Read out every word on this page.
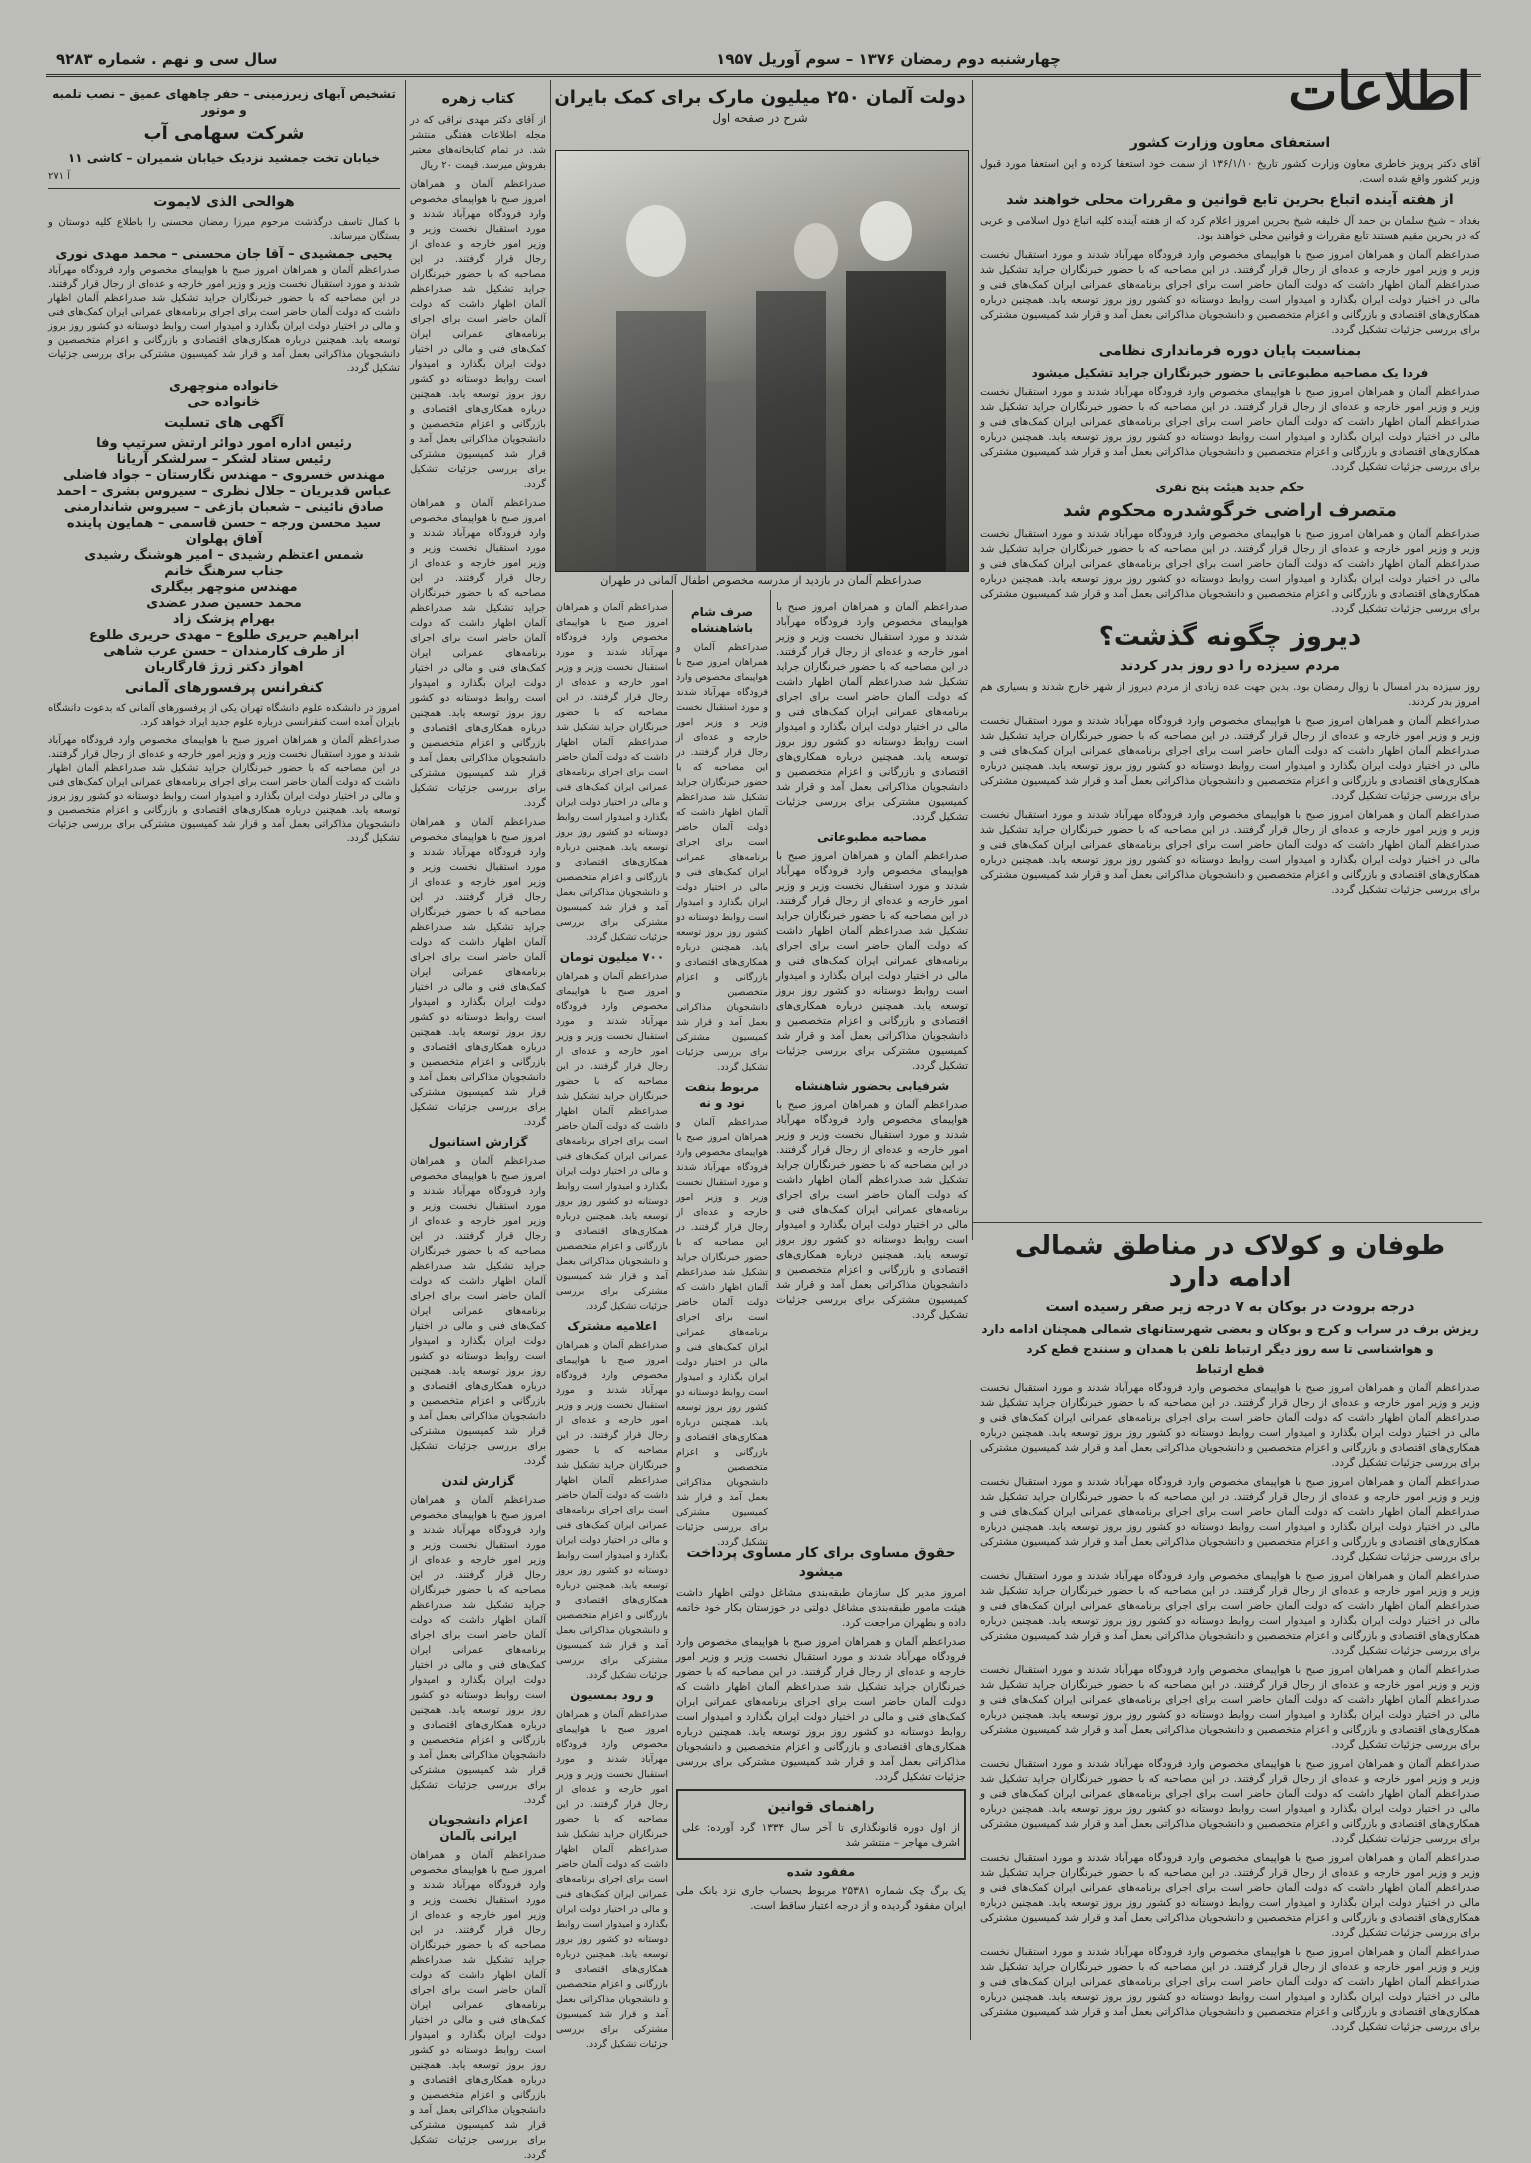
چهارشنبه دوم رمضان ۱۳۷۶ – سوم آوریل ۱۹۵۷
سال سی و نهم . شماره ۹۲۸۳
اطلاعات
دولت آلمان ۲۵۰ میلیون مارک برای کمک بایران
شرح در صفحه اول
صدراعظم آلمان در بازدید از مدرسه مخصوص اطفال آلمانی در طهران
استعفای معاون وزارت کشور

آقای دکتر پرویز خاطری معاون وزارت کشور تاریخ ۱۳۶/۱/۱۰ از سمت خود استعفا کرده و این استعفا مورد قبول وزیر کشور واقع شده است.

از هفته آینده اتباع بحرین تابع قوانین و مقررات محلی خواهند شد

بغداد – شیخ سلمان بن حمد آل خلیفه شیخ بحرین امروز اعلام کرد که از هفته آینده کلیه اتباع دول اسلامی و عربی که در بحرین مقیم هستند تابع مقررات و قوانین محلی خواهند بود.

صدراعظم آلمان و همراهان امروز صبح با هواپیمای مخصوص وارد فرودگاه مهرآباد شدند و مورد استقبال نخست وزیر و وزیر امور خارجه و عده‌ای از رجال قرار گرفتند. در این مصاحبه که با حضور خبرنگاران جراید تشکیل شد صدراعظم آلمان اظهار داشت که دولت آلمان حاضر است برای اجرای برنامه‌های عمرانی ایران کمک‌های فنی و مالی در اختیار دولت ایران بگذارد و امیدوار است روابط دوستانه دو کشور روز بروز توسعه یابد. همچنین درباره همکاری‌های اقتصادی و بازرگانی و اعزام متخصصین و دانشجویان مذاکراتی بعمل آمد و قرار شد کمیسیون مشترکی برای بررسی جزئیات تشکیل گردد.

بمناسبت پایان دوره فرمانداری نظامی
فردا یک مصاحبه مطبوعاتی با حضور خبرنگاران جراید تشکیل میشود

صدراعظم آلمان و همراهان امروز صبح با هواپیمای مخصوص وارد فرودگاه مهرآباد شدند و مورد استقبال نخست وزیر و وزیر امور خارجه و عده‌ای از رجال قرار گرفتند. در این مصاحبه که با حضور خبرنگاران جراید تشکیل شد صدراعظم آلمان اظهار داشت که دولت آلمان حاضر است برای اجرای برنامه‌های عمرانی ایران کمک‌های فنی و مالی در اختیار دولت ایران بگذارد و امیدوار است روابط دوستانه دو کشور روز بروز توسعه یابد. همچنین درباره همکاری‌های اقتصادی و بازرگانی و اعزام متخصصین و دانشجویان مذاکراتی بعمل آمد و قرار شد کمیسیون مشترکی برای بررسی جزئیات تشکیل گردد.

حکم جدید هیئت پنج نفری
متصرف اراضی خرگوشدره محکوم شد

صدراعظم آلمان و همراهان امروز صبح با هواپیمای مخصوص وارد فرودگاه مهرآباد شدند و مورد استقبال نخست وزیر و وزیر امور خارجه و عده‌ای از رجال قرار گرفتند. در این مصاحبه که با حضور خبرنگاران جراید تشکیل شد صدراعظم آلمان اظهار داشت که دولت آلمان حاضر است برای اجرای برنامه‌های عمرانی ایران کمک‌های فنی و مالی در اختیار دولت ایران بگذارد و امیدوار است روابط دوستانه دو کشور روز بروز توسعه یابد. همچنین درباره همکاری‌های اقتصادی و بازرگانی و اعزام متخصصین و دانشجویان مذاکراتی بعمل آمد و قرار شد کمیسیون مشترکی برای بررسی جزئیات تشکیل گردد.

دیروز چگونه گذشت؟
مردم سیزده را دو روز بدر کردند

روز سیزده بدر امسال با زوال رمضان بود. بدین جهت عده زیادی از مردم دیروز از شهر خارج شدند و بسیاری هم امروز بدر کردند.

صدراعظم آلمان و همراهان امروز صبح با هواپیمای مخصوص وارد فرودگاه مهرآباد شدند و مورد استقبال نخست وزیر و وزیر امور خارجه و عده‌ای از رجال قرار گرفتند. در این مصاحبه که با حضور خبرنگاران جراید تشکیل شد صدراعظم آلمان اظهار داشت که دولت آلمان حاضر است برای اجرای برنامه‌های عمرانی ایران کمک‌های فنی و مالی در اختیار دولت ایران بگذارد و امیدوار است روابط دوستانه دو کشور روز بروز توسعه یابد. همچنین درباره همکاری‌های اقتصادی و بازرگانی و اعزام متخصصین و دانشجویان مذاکراتی بعمل آمد و قرار شد کمیسیون مشترکی برای بررسی جزئیات تشکیل گردد.

صدراعظم آلمان و همراهان امروز صبح با هواپیمای مخصوص وارد فرودگاه مهرآباد شدند و مورد استقبال نخست وزیر و وزیر امور خارجه و عده‌ای از رجال قرار گرفتند. در این مصاحبه که با حضور خبرنگاران جراید تشکیل شد صدراعظم آلمان اظهار داشت که دولت آلمان حاضر است برای اجرای برنامه‌های عمرانی ایران کمک‌های فنی و مالی در اختیار دولت ایران بگذارد و امیدوار است روابط دوستانه دو کشور روز بروز توسعه یابد. همچنین درباره همکاری‌های اقتصادی و بازرگانی و اعزام متخصصین و دانشجویان مذاکراتی بعمل آمد و قرار شد کمیسیون مشترکی برای بررسی جزئیات تشکیل گردد.

طوفان و کولاک در مناطق شمالی ادامه دارد
درجه برودت در بوکان به ۷ درجه زیر صفر رسیده است
ریزش برف در سراب و کرج و بوکان و بعضی شهرستانهای شمالی همچنان ادامه دارد
و هواشناسی تا سه روز دیگر ارتباط تلفن با همدان و سنندج قطع کرد
قطع ارتباط

صدراعظم آلمان و همراهان امروز صبح با هواپیمای مخصوص وارد فرودگاه مهرآباد شدند و مورد استقبال نخست وزیر و وزیر امور خارجه و عده‌ای از رجال قرار گرفتند. در این مصاحبه که با حضور خبرنگاران جراید تشکیل شد صدراعظم آلمان اظهار داشت که دولت آلمان حاضر است برای اجرای برنامه‌های عمرانی ایران کمک‌های فنی و مالی در اختیار دولت ایران بگذارد و امیدوار است روابط دوستانه دو کشور روز بروز توسعه یابد. همچنین درباره همکاری‌های اقتصادی و بازرگانی و اعزام متخصصین و دانشجویان مذاکراتی بعمل آمد و قرار شد کمیسیون مشترکی برای بررسی جزئیات تشکیل گردد.

صدراعظم آلمان و همراهان امروز صبح با هواپیمای مخصوص وارد فرودگاه مهرآباد شدند و مورد استقبال نخست وزیر و وزیر امور خارجه و عده‌ای از رجال قرار گرفتند. در این مصاحبه که با حضور خبرنگاران جراید تشکیل شد صدراعظم آلمان اظهار داشت که دولت آلمان حاضر است برای اجرای برنامه‌های عمرانی ایران کمک‌های فنی و مالی در اختیار دولت ایران بگذارد و امیدوار است روابط دوستانه دو کشور روز بروز توسعه یابد. همچنین درباره همکاری‌های اقتصادی و بازرگانی و اعزام متخصصین و دانشجویان مذاکراتی بعمل آمد و قرار شد کمیسیون مشترکی برای بررسی جزئیات تشکیل گردد.

صدراعظم آلمان و همراهان امروز صبح با هواپیمای مخصوص وارد فرودگاه مهرآباد شدند و مورد استقبال نخست وزیر و وزیر امور خارجه و عده‌ای از رجال قرار گرفتند. در این مصاحبه که با حضور خبرنگاران جراید تشکیل شد صدراعظم آلمان اظهار داشت که دولت آلمان حاضر است برای اجرای برنامه‌های عمرانی ایران کمک‌های فنی و مالی در اختیار دولت ایران بگذارد و امیدوار است روابط دوستانه دو کشور روز بروز توسعه یابد. همچنین درباره همکاری‌های اقتصادی و بازرگانی و اعزام متخصصین و دانشجویان مذاکراتی بعمل آمد و قرار شد کمیسیون مشترکی برای بررسی جزئیات تشکیل گردد.

صدراعظم آلمان و همراهان امروز صبح با هواپیمای مخصوص وارد فرودگاه مهرآباد شدند و مورد استقبال نخست وزیر و وزیر امور خارجه و عده‌ای از رجال قرار گرفتند. در این مصاحبه که با حضور خبرنگاران جراید تشکیل شد صدراعظم آلمان اظهار داشت که دولت آلمان حاضر است برای اجرای برنامه‌های عمرانی ایران کمک‌های فنی و مالی در اختیار دولت ایران بگذارد و امیدوار است روابط دوستانه دو کشور روز بروز توسعه یابد. همچنین درباره همکاری‌های اقتصادی و بازرگانی و اعزام متخصصین و دانشجویان مذاکراتی بعمل آمد و قرار شد کمیسیون مشترکی برای بررسی جزئیات تشکیل گردد.

صدراعظم آلمان و همراهان امروز صبح با هواپیمای مخصوص وارد فرودگاه مهرآباد شدند و مورد استقبال نخست وزیر و وزیر امور خارجه و عده‌ای از رجال قرار گرفتند. در این مصاحبه که با حضور خبرنگاران جراید تشکیل شد صدراعظم آلمان اظهار داشت که دولت آلمان حاضر است برای اجرای برنامه‌های عمرانی ایران کمک‌های فنی و مالی در اختیار دولت ایران بگذارد و امیدوار است روابط دوستانه دو کشور روز بروز توسعه یابد. همچنین درباره همکاری‌های اقتصادی و بازرگانی و اعزام متخصصین و دانشجویان مذاکراتی بعمل آمد و قرار شد کمیسیون مشترکی برای بررسی جزئیات تشکیل گردد.

صدراعظم آلمان و همراهان امروز صبح با هواپیمای مخصوص وارد فرودگاه مهرآباد شدند و مورد استقبال نخست وزیر و وزیر امور خارجه و عده‌ای از رجال قرار گرفتند. در این مصاحبه که با حضور خبرنگاران جراید تشکیل شد صدراعظم آلمان اظهار داشت که دولت آلمان حاضر است برای اجرای برنامه‌های عمرانی ایران کمک‌های فنی و مالی در اختیار دولت ایران بگذارد و امیدوار است روابط دوستانه دو کشور روز بروز توسعه یابد. همچنین درباره همکاری‌های اقتصادی و بازرگانی و اعزام متخصصین و دانشجویان مذاکراتی بعمل آمد و قرار شد کمیسیون مشترکی برای بررسی جزئیات تشکیل گردد.

صدراعظم آلمان و همراهان امروز صبح با هواپیمای مخصوص وارد فرودگاه مهرآباد شدند و مورد استقبال نخست وزیر و وزیر امور خارجه و عده‌ای از رجال قرار گرفتند. در این مصاحبه که با حضور خبرنگاران جراید تشکیل شد صدراعظم آلمان اظهار داشت که دولت آلمان حاضر است برای اجرای برنامه‌های عمرانی ایران کمک‌های فنی و مالی در اختیار دولت ایران بگذارد و امیدوار است روابط دوستانه دو کشور روز بروز توسعه یابد. همچنین درباره همکاری‌های اقتصادی و بازرگانی و اعزام متخصصین و دانشجویان مذاکراتی بعمل آمد و قرار شد کمیسیون مشترکی برای بررسی جزئیات تشکیل گردد.

حقوق مساوی برای کار مساوی پرداخت میشود

امروز مدیر کل سازمان طبقه‌بندی مشاغل دولتی اظهار داشت هیئت مامور طبقه‌بندی مشاغل دولتی در خوزستان بکار خود خاتمه داده و بطهران مراجعت کرد.

صدراعظم آلمان و همراهان امروز صبح با هواپیمای مخصوص وارد فرودگاه مهرآباد شدند و مورد استقبال نخست وزیر و وزیر امور خارجه و عده‌ای از رجال قرار گرفتند. در این مصاحبه که با حضور خبرنگاران جراید تشکیل شد صدراعظم آلمان اظهار داشت که دولت آلمان حاضر است برای اجرای برنامه‌های عمرانی ایران کمک‌های فنی و مالی در اختیار دولت ایران بگذارد و امیدوار است روابط دوستانه دو کشور روز بروز توسعه یابد. همچنین درباره همکاری‌های اقتصادی و بازرگانی و اعزام متخصصین و دانشجویان مذاکراتی بعمل آمد و قرار شد کمیسیون مشترکی برای بررسی جزئیات تشکیل گردد.

راهنمای قوانین

از اول دوره قانونگذاری تا آخر سال ۱۳۳۴ گرد آورده: علی اشرف مهاجر – منتشر شد

مفقود شده

یک برگ چک شماره ۲۵۳۸۱ مربوط بحساب جاری نزد بانک ملی ایران مفقود گردیده و از درجه اعتبار ساقط است.

صدراعظم آلمان و همراهان امروز صبح با هواپیمای مخصوص وارد فرودگاه مهرآباد شدند و مورد استقبال نخست وزیر و وزیر امور خارجه و عده‌ای از رجال قرار گرفتند. در این مصاحبه که با حضور خبرنگاران جراید تشکیل شد صدراعظم آلمان اظهار داشت که دولت آلمان حاضر است برای اجرای برنامه‌های عمرانی ایران کمک‌های فنی و مالی در اختیار دولت ایران بگذارد و امیدوار است روابط دوستانه دو کشور روز بروز توسعه یابد. همچنین درباره همکاری‌های اقتصادی و بازرگانی و اعزام متخصصین و دانشجویان مذاکراتی بعمل آمد و قرار شد کمیسیون مشترکی برای بررسی جزئیات تشکیل گردد.

مصاحبه مطبوعاتی

صدراعظم آلمان و همراهان امروز صبح با هواپیمای مخصوص وارد فرودگاه مهرآباد شدند و مورد استقبال نخست وزیر و وزیر امور خارجه و عده‌ای از رجال قرار گرفتند. در این مصاحبه که با حضور خبرنگاران جراید تشکیل شد صدراعظم آلمان اظهار داشت که دولت آلمان حاضر است برای اجرای برنامه‌های عمرانی ایران کمک‌های فنی و مالی در اختیار دولت ایران بگذارد و امیدوار است روابط دوستانه دو کشور روز بروز توسعه یابد. همچنین درباره همکاری‌های اقتصادی و بازرگانی و اعزام متخصصین و دانشجویان مذاکراتی بعمل آمد و قرار شد کمیسیون مشترکی برای بررسی جزئیات تشکیل گردد.

شرفیابی بحضور شاهنشاه

صدراعظم آلمان و همراهان امروز صبح با هواپیمای مخصوص وارد فرودگاه مهرآباد شدند و مورد استقبال نخست وزیر و وزیر امور خارجه و عده‌ای از رجال قرار گرفتند. در این مصاحبه که با حضور خبرنگاران جراید تشکیل شد صدراعظم آلمان اظهار داشت که دولت آلمان حاضر است برای اجرای برنامه‌های عمرانی ایران کمک‌های فنی و مالی در اختیار دولت ایران بگذارد و امیدوار است روابط دوستانه دو کشور روز بروز توسعه یابد. همچنین درباره همکاری‌های اقتصادی و بازرگانی و اعزام متخصصین و دانشجویان مذاکراتی بعمل آمد و قرار شد کمیسیون مشترکی برای بررسی جزئیات تشکیل گردد.

صرف شام باشاهنشاه

صدراعظم آلمان و همراهان امروز صبح با هواپیمای مخصوص وارد فرودگاه مهرآباد شدند و مورد استقبال نخست وزیر و وزیر امور خارجه و عده‌ای از رجال قرار گرفتند. در این مصاحبه که با حضور خبرنگاران جراید تشکیل شد صدراعظم آلمان اظهار داشت که دولت آلمان حاضر است برای اجرای برنامه‌های عمرانی ایران کمک‌های فنی و مالی در اختیار دولت ایران بگذارد و امیدوار است روابط دوستانه دو کشور روز بروز توسعه یابد. همچنین درباره همکاری‌های اقتصادی و بازرگانی و اعزام متخصصین و دانشجویان مذاکراتی بعمل آمد و قرار شد کمیسیون مشترکی برای بررسی جزئیات تشکیل گردد.

مربوط بنفت نود و نه

صدراعظم آلمان و همراهان امروز صبح با هواپیمای مخصوص وارد فرودگاه مهرآباد شدند و مورد استقبال نخست وزیر و وزیر امور خارجه و عده‌ای از رجال قرار گرفتند. در این مصاحبه که با حضور خبرنگاران جراید تشکیل شد صدراعظم آلمان اظهار داشت که دولت آلمان حاضر است برای اجرای برنامه‌های عمرانی ایران کمک‌های فنی و مالی در اختیار دولت ایران بگذارد و امیدوار است روابط دوستانه دو کشور روز بروز توسعه یابد. همچنین درباره همکاری‌های اقتصادی و بازرگانی و اعزام متخصصین و دانشجویان مذاکراتی بعمل آمد و قرار شد کمیسیون مشترکی برای بررسی جزئیات تشکیل گردد.

صدراعظم آلمان و همراهان امروز صبح با هواپیمای مخصوص وارد فرودگاه مهرآباد شدند و مورد استقبال نخست وزیر و وزیر امور خارجه و عده‌ای از رجال قرار گرفتند. در این مصاحبه که با حضور خبرنگاران جراید تشکیل شد صدراعظم آلمان اظهار داشت که دولت آلمان حاضر است برای اجرای برنامه‌های عمرانی ایران کمک‌های فنی و مالی در اختیار دولت ایران بگذارد و امیدوار است روابط دوستانه دو کشور روز بروز توسعه یابد. همچنین درباره همکاری‌های اقتصادی و بازرگانی و اعزام متخصصین و دانشجویان مذاکراتی بعمل آمد و قرار شد کمیسیون مشترکی برای بررسی جزئیات تشکیل گردد.

۷۰۰ میلیون تومان

صدراعظم آلمان و همراهان امروز صبح با هواپیمای مخصوص وارد فرودگاه مهرآباد شدند و مورد استقبال نخست وزیر و وزیر امور خارجه و عده‌ای از رجال قرار گرفتند. در این مصاحبه که با حضور خبرنگاران جراید تشکیل شد صدراعظم آلمان اظهار داشت که دولت آلمان حاضر است برای اجرای برنامه‌های عمرانی ایران کمک‌های فنی و مالی در اختیار دولت ایران بگذارد و امیدوار است روابط دوستانه دو کشور روز بروز توسعه یابد. همچنین درباره همکاری‌های اقتصادی و بازرگانی و اعزام متخصصین و دانشجویان مذاکراتی بعمل آمد و قرار شد کمیسیون مشترکی برای بررسی جزئیات تشکیل گردد.

اعلامیه مشترک

صدراعظم آلمان و همراهان امروز صبح با هواپیمای مخصوص وارد فرودگاه مهرآباد شدند و مورد استقبال نخست وزیر و وزیر امور خارجه و عده‌ای از رجال قرار گرفتند. در این مصاحبه که با حضور خبرنگاران جراید تشکیل شد صدراعظم آلمان اظهار داشت که دولت آلمان حاضر است برای اجرای برنامه‌های عمرانی ایران کمک‌های فنی و مالی در اختیار دولت ایران بگذارد و امیدوار است روابط دوستانه دو کشور روز بروز توسعه یابد. همچنین درباره همکاری‌های اقتصادی و بازرگانی و اعزام متخصصین و دانشجویان مذاکراتی بعمل آمد و قرار شد کمیسیون مشترکی برای بررسی جزئیات تشکیل گردد.

و رود بمسیون

صدراعظم آلمان و همراهان امروز صبح با هواپیمای مخصوص وارد فرودگاه مهرآباد شدند و مورد استقبال نخست وزیر و وزیر امور خارجه و عده‌ای از رجال قرار گرفتند. در این مصاحبه که با حضور خبرنگاران جراید تشکیل شد صدراعظم آلمان اظهار داشت که دولت آلمان حاضر است برای اجرای برنامه‌های عمرانی ایران کمک‌های فنی و مالی در اختیار دولت ایران بگذارد و امیدوار است روابط دوستانه دو کشور روز بروز توسعه یابد. همچنین درباره همکاری‌های اقتصادی و بازرگانی و اعزام متخصصین و دانشجویان مذاکراتی بعمل آمد و قرار شد کمیسیون مشترکی برای بررسی جزئیات تشکیل گردد.

کتاب زهره

از آقای دکتر مهدی نراقی که در مجله اطلاعات هفتگی منتشر شد. در تمام کتابخانه‌های معتبر بفروش میرسد. قیمت ۲۰ ریال

صدراعظم آلمان و همراهان امروز صبح با هواپیمای مخصوص وارد فرودگاه مهرآباد شدند و مورد استقبال نخست وزیر و وزیر امور خارجه و عده‌ای از رجال قرار گرفتند. در این مصاحبه که با حضور خبرنگاران جراید تشکیل شد صدراعظم آلمان اظهار داشت که دولت آلمان حاضر است برای اجرای برنامه‌های عمرانی ایران کمک‌های فنی و مالی در اختیار دولت ایران بگذارد و امیدوار است روابط دوستانه دو کشور روز بروز توسعه یابد. همچنین درباره همکاری‌های اقتصادی و بازرگانی و اعزام متخصصین و دانشجویان مذاکراتی بعمل آمد و قرار شد کمیسیون مشترکی برای بررسی جزئیات تشکیل گردد.

صدراعظم آلمان و همراهان امروز صبح با هواپیمای مخصوص وارد فرودگاه مهرآباد شدند و مورد استقبال نخست وزیر و وزیر امور خارجه و عده‌ای از رجال قرار گرفتند. در این مصاحبه که با حضور خبرنگاران جراید تشکیل شد صدراعظم آلمان اظهار داشت که دولت آلمان حاضر است برای اجرای برنامه‌های عمرانی ایران کمک‌های فنی و مالی در اختیار دولت ایران بگذارد و امیدوار است روابط دوستانه دو کشور روز بروز توسعه یابد. همچنین درباره همکاری‌های اقتصادی و بازرگانی و اعزام متخصصین و دانشجویان مذاکراتی بعمل آمد و قرار شد کمیسیون مشترکی برای بررسی جزئیات تشکیل گردد.

صدراعظم آلمان و همراهان امروز صبح با هواپیمای مخصوص وارد فرودگاه مهرآباد شدند و مورد استقبال نخست وزیر و وزیر امور خارجه و عده‌ای از رجال قرار گرفتند. در این مصاحبه که با حضور خبرنگاران جراید تشکیل شد صدراعظم آلمان اظهار داشت که دولت آلمان حاضر است برای اجرای برنامه‌های عمرانی ایران کمک‌های فنی و مالی در اختیار دولت ایران بگذارد و امیدوار است روابط دوستانه دو کشور روز بروز توسعه یابد. همچنین درباره همکاری‌های اقتصادی و بازرگانی و اعزام متخصصین و دانشجویان مذاکراتی بعمل آمد و قرار شد کمیسیون مشترکی برای بررسی جزئیات تشکیل گردد.

گزارش استانبول

صدراعظم آلمان و همراهان امروز صبح با هواپیمای مخصوص وارد فرودگاه مهرآباد شدند و مورد استقبال نخست وزیر و وزیر امور خارجه و عده‌ای از رجال قرار گرفتند. در این مصاحبه که با حضور خبرنگاران جراید تشکیل شد صدراعظم آلمان اظهار داشت که دولت آلمان حاضر است برای اجرای برنامه‌های عمرانی ایران کمک‌های فنی و مالی در اختیار دولت ایران بگذارد و امیدوار است روابط دوستانه دو کشور روز بروز توسعه یابد. همچنین درباره همکاری‌های اقتصادی و بازرگانی و اعزام متخصصین و دانشجویان مذاکراتی بعمل آمد و قرار شد کمیسیون مشترکی برای بررسی جزئیات تشکیل گردد.

گزارش لندن

صدراعظم آلمان و همراهان امروز صبح با هواپیمای مخصوص وارد فرودگاه مهرآباد شدند و مورد استقبال نخست وزیر و وزیر امور خارجه و عده‌ای از رجال قرار گرفتند. در این مصاحبه که با حضور خبرنگاران جراید تشکیل شد صدراعظم آلمان اظهار داشت که دولت آلمان حاضر است برای اجرای برنامه‌های عمرانی ایران کمک‌های فنی و مالی در اختیار دولت ایران بگذارد و امیدوار است روابط دوستانه دو کشور روز بروز توسعه یابد. همچنین درباره همکاری‌های اقتصادی و بازرگانی و اعزام متخصصین و دانشجویان مذاکراتی بعمل آمد و قرار شد کمیسیون مشترکی برای بررسی جزئیات تشکیل گردد.

اعزام دانشجویان ایرانی بآلمان

صدراعظم آلمان و همراهان امروز صبح با هواپیمای مخصوص وارد فرودگاه مهرآباد شدند و مورد استقبال نخست وزیر و وزیر امور خارجه و عده‌ای از رجال قرار گرفتند. در این مصاحبه که با حضور خبرنگاران جراید تشکیل شد صدراعظم آلمان اظهار داشت که دولت آلمان حاضر است برای اجرای برنامه‌های عمرانی ایران کمک‌های فنی و مالی در اختیار دولت ایران بگذارد و امیدوار است روابط دوستانه دو کشور روز بروز توسعه یابد. همچنین درباره همکاری‌های اقتصادی و بازرگانی و اعزام متخصصین و دانشجویان مذاکراتی بعمل آمد و قرار شد کمیسیون مشترکی برای بررسی جزئیات تشکیل گردد.

تشخیص آبهای زیرزمینی – حفر چاههای عمیق – نصب تلمبه و موتور
شرکت سهامی آب
خیابان تخت جمشید نزدیک خیابان شمیران – کاشی ۱۱
آ ۲۷۱
هوالحی الذی لایموت

با کمال تاسف درگذشت مرحوم میرزا رمضان محسنی را باطلاع کلیه دوستان و بستگان میرساند.

یحیی جمشیدی – آقا جان محسنی – محمد مهدی نوری

صدراعظم آلمان و همراهان امروز صبح با هواپیمای مخصوص وارد فرودگاه مهرآباد شدند و مورد استقبال نخست وزیر و وزیر امور خارجه و عده‌ای از رجال قرار گرفتند. در این مصاحبه که با حضور خبرنگاران جراید تشکیل شد صدراعظم آلمان اظهار داشت که دولت آلمان حاضر است برای اجرای برنامه‌های عمرانی ایران کمک‌های فنی و مالی در اختیار دولت ایران بگذارد و امیدوار است روابط دوستانه دو کشور روز بروز توسعه یابد. همچنین درباره همکاری‌های اقتصادی و بازرگانی و اعزام متخصصین و دانشجویان مذاکراتی بعمل آمد و قرار شد کمیسیون مشترکی برای بررسی جزئیات تشکیل گردد.

خانواده منوچهری
خانواده حی
آگهی های تسلیت
رئیس اداره امور دوائر ارتش سرتیپ وفا
رئیس ستاد لشکر – سرلشکر آریانا
مهندس خسروی – مهندس نگارستان – جواد فاضلی
عباس قدیریان – جلال نظری – سیروس بشری – احمد
صادق نائینی – شعبان بازغی – سیروس شاندارمنی
سید محسن ورجه – حسن قاسمی – همایون پاینده
آفاق پهلوان
شمس اعتظم رشیدی – امیر هوشنگ رشیدی
جناب سرهنگ خانم
مهندس منوچهر بیگلری
محمد حسین صدر عضدی
بهرام پزشک زاد
ابراهیم حریری طلوع – مهدی حریری طلوع
از طرف کارمندان – حسن عرب شاهی
اهواز دکتر ژرژ قارگاریان
کنفرانس پرفسورهای آلمانی

امروز در دانشکده علوم دانشگاه تهران یکی از پرفسورهای آلمانی که بدعوت دانشگاه بایران آمده است کنفرانسی درباره علوم جدید ایراد خواهد کرد.

صدراعظم آلمان و همراهان امروز صبح با هواپیمای مخصوص وارد فرودگاه مهرآباد شدند و مورد استقبال نخست وزیر و وزیر امور خارجه و عده‌ای از رجال قرار گرفتند. در این مصاحبه که با حضور خبرنگاران جراید تشکیل شد صدراعظم آلمان اظهار داشت که دولت آلمان حاضر است برای اجرای برنامه‌های عمرانی ایران کمک‌های فنی و مالی در اختیار دولت ایران بگذارد و امیدوار است روابط دوستانه دو کشور روز بروز توسعه یابد. همچنین درباره همکاری‌های اقتصادی و بازرگانی و اعزام متخصصین و دانشجویان مذاکراتی بعمل آمد و قرار شد کمیسیون مشترکی برای بررسی جزئیات تشکیل گردد.
